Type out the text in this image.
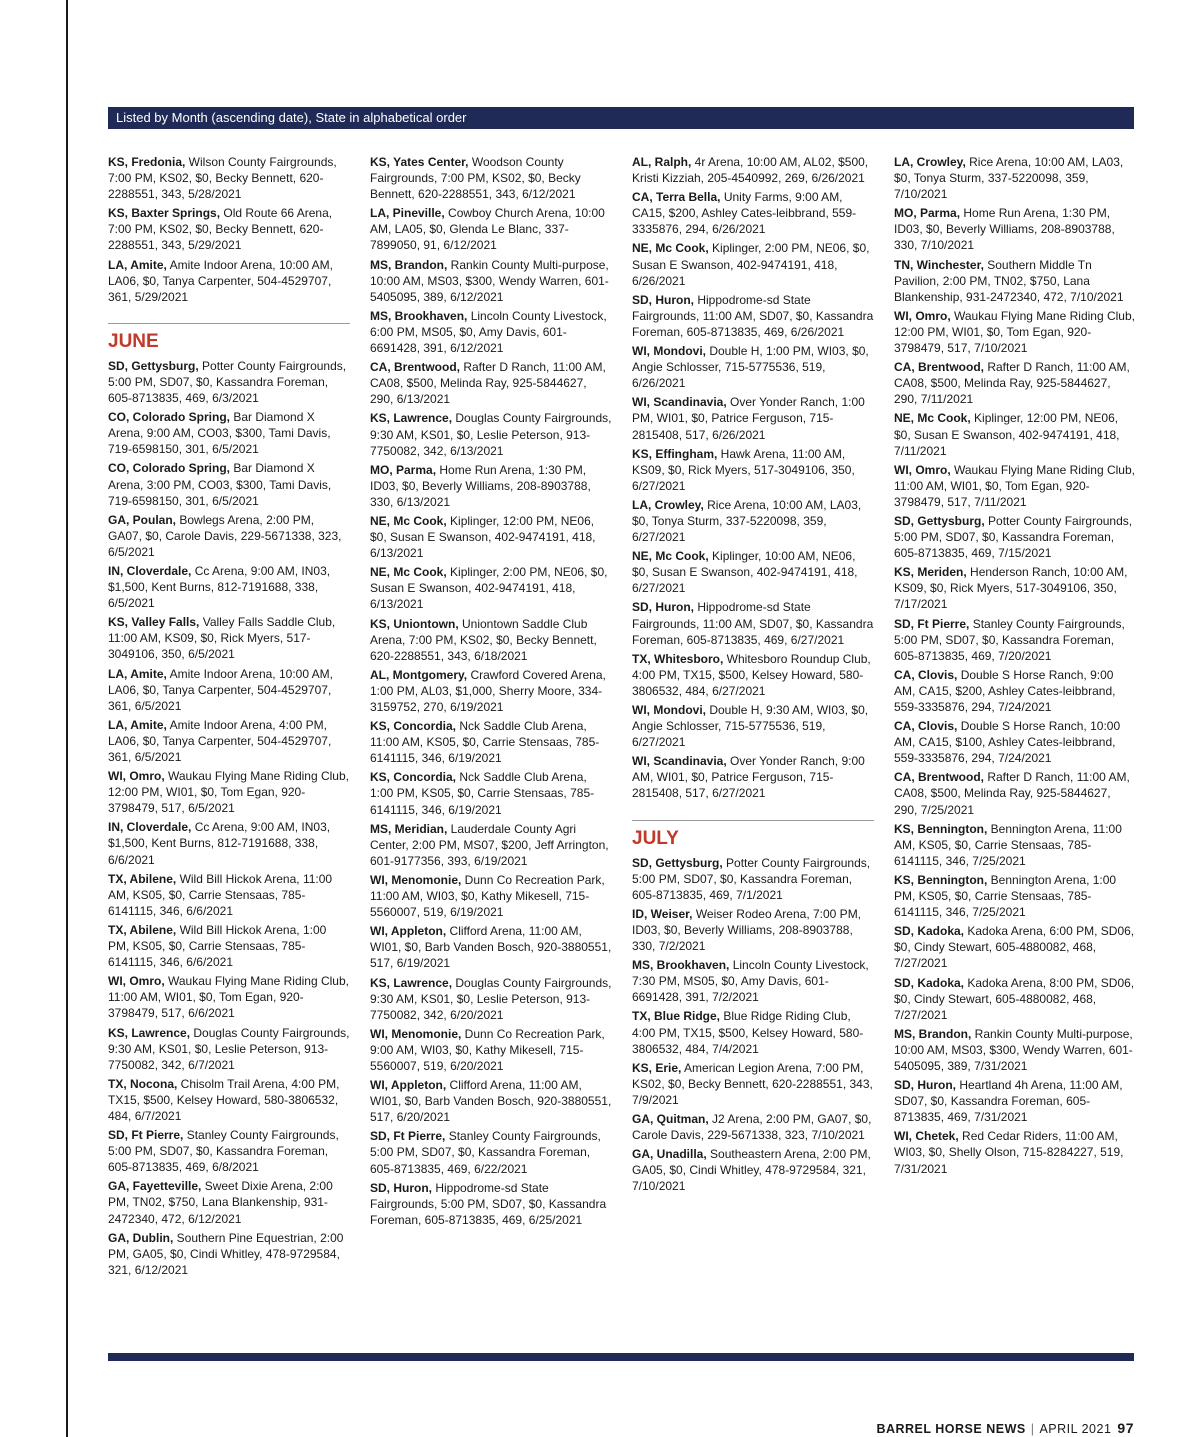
Listed by Month (ascending date), State in alphabetical order
KS, Fredonia, Wilson County Fairgrounds, 7:00 PM, KS02, $0, Becky Bennett, 620-2288551, 343, 5/28/2021
KS, Baxter Springs, Old Route 66 Arena, 7:00 PM, KS02, $0, Becky Bennett, 620-2288551, 343, 5/29/2021
LA, Amite, Amite Indoor Arena, 10:00 AM, LA06, $0, Tanya Carpenter, 504-4529707, 361, 5/29/2021
JUNE
SD, Gettysburg, Potter County Fairgrounds, 5:00 PM, SD07, $0, Kassandra Foreman, 605-8713835, 469, 6/3/2021
CO, Colorado Spring, Bar Diamond X Arena, 9:00 AM, CO03, $300, Tami Davis, 719-6598150, 301, 6/5/2021
CO, Colorado Spring, Bar Diamond X Arena, 3:00 PM, CO03, $300, Tami Davis, 719-6598150, 301, 6/5/2021
GA, Poulan, Bowlegs Arena, 2:00 PM, GA07, $0, Carole Davis, 229-5671338, 323, 6/5/2021
IN, Cloverdale, Cc Arena, 9:00 AM, IN03, $1,500, Kent Burns, 812-7191688, 338, 6/5/2021
KS, Valley Falls, Valley Falls Saddle Club, 11:00 AM, KS09, $0, Rick Myers, 517-3049106, 350, 6/5/2021
LA, Amite, Amite Indoor Arena, 10:00 AM, LA06, $0, Tanya Carpenter, 504-4529707, 361, 6/5/2021
LA, Amite, Amite Indoor Arena, 4:00 PM, LA06, $0, Tanya Carpenter, 504-4529707, 361, 6/5/2021
WI, Omro, Waukau Flying Mane Riding Club, 12:00 PM, WI01, $0, Tom Egan, 920-3798479, 517, 6/5/2021
IN, Cloverdale, Cc Arena, 9:00 AM, IN03, $1,500, Kent Burns, 812-7191688, 338, 6/6/2021
TX, Abilene, Wild Bill Hickok Arena, 11:00 AM, KS05, $0, Carrie Stensaas, 785-6141115, 346, 6/6/2021
TX, Abilene, Wild Bill Hickok Arena, 1:00 PM, KS05, $0, Carrie Stensaas, 785-6141115, 346, 6/6/2021
WI, Omro, Waukau Flying Mane Riding Club, 11:00 AM, WI01, $0, Tom Egan, 920-3798479, 517, 6/6/2021
KS, Lawrence, Douglas County Fairgrounds, 9:30 AM, KS01, $0, Leslie Peterson, 913-7750082, 342, 6/7/2021
TX, Nocona, Chisolm Trail Arena, 4:00 PM, TX15, $500, Kelsey Howard, 580-3806532, 484, 6/7/2021
SD, Ft Pierre, Stanley County Fairgrounds, 5:00 PM, SD07, $0, Kassandra Foreman, 605-8713835, 469, 6/8/2021
GA, Fayetteville, Sweet Dixie Arena, 2:00 PM, TN02, $750, Lana Blankenship, 931-2472340, 472, 6/12/2021
GA, Dublin, Southern Pine Equestrian, 2:00 PM, GA05, $0, Cindi Whitley, 478-9729584, 321, 6/12/2021
KS, Yates Center, Woodson County Fairgrounds, 7:00 PM, KS02, $0, Becky Bennett, 620-2288551, 343, 6/12/2021
LA, Pineville, Cowboy Church Arena, 10:00 AM, LA05, $0, Glenda Le Blanc, 337-7899050, 91, 6/12/2021
MS, Brandon, Rankin County Multi-purpose, 10:00 AM, MS03, $300, Wendy Warren, 601-5405095, 389, 6/12/2021
MS, Brookhaven, Lincoln County Livestock, 6:00 PM, MS05, $0, Amy Davis, 601-6691428, 391, 6/12/2021
CA, Brentwood, Rafter D Ranch, 11:00 AM, CA08, $500, Melinda Ray, 925-5844627, 290, 6/13/2021
KS, Lawrence, Douglas County Fairgrounds, 9:30 AM, KS01, $0, Leslie Peterson, 913-7750082, 342, 6/13/2021
MO, Parma, Home Run Arena, 1:30 PM, ID03, $0, Beverly Williams, 208-8903788, 330, 6/13/2021
NE, Mc Cook, Kiplinger, 12:00 PM, NE06, $0, Susan E Swanson, 402-9474191, 418, 6/13/2021
NE, Mc Cook, Kiplinger, 2:00 PM, NE06, $0, Susan E Swanson, 402-9474191, 418, 6/13/2021
KS, Uniontown, Uniontown Saddle Club Arena, 7:00 PM, KS02, $0, Becky Bennett, 620-2288551, 343, 6/18/2021
AL, Montgomery, Crawford Covered Arena, 1:00 PM, AL03, $1,000, Sherry Moore, 334-3159752, 270, 6/19/2021
KS, Concordia, Nck Saddle Club Arena, 11:00 AM, KS05, $0, Carrie Stensaas, 785-6141115, 346, 6/19/2021
KS, Concordia, Nck Saddle Club Arena, 1:00 PM, KS05, $0, Carrie Stensaas, 785-6141115, 346, 6/19/2021
MS, Meridian, Lauderdale County Agri Center, 2:00 PM, MS07, $200, Jeff Arrington, 601-9177356, 393, 6/19/2021
WI, Menomonie, Dunn Co Recreation Park, 11:00 AM, WI03, $0, Kathy Mikesell, 715-5560007, 519, 6/19/2021
WI, Appleton, Clifford Arena, 11:00 AM, WI01, $0, Barb Vanden Bosch, 920-3880551, 517, 6/19/2021
KS, Lawrence, Douglas County Fairgrounds, 9:30 AM, KS01, $0, Leslie Peterson, 913-7750082, 342, 6/20/2021
WI, Menomonie, Dunn Co Recreation Park, 9:00 AM, WI03, $0, Kathy Mikesell, 715-5560007, 519, 6/20/2021
WI, Appleton, Clifford Arena, 11:00 AM, WI01, $0, Barb Vanden Bosch, 920-3880551, 517, 6/20/2021
SD, Ft Pierre, Stanley County Fairgrounds, 5:00 PM, SD07, $0, Kassandra Foreman, 605-8713835, 469, 6/22/2021
SD, Huron, Hippodrome-sd State Fairgrounds, 5:00 PM, SD07, $0, Kassandra Foreman, 605-8713835, 469, 6/25/2021
AL, Ralph, 4r Arena, 10:00 AM, AL02, $500, Kristi Kizziah, 205-4540992, 269, 6/26/2021
CA, Terra Bella, Unity Farms, 9:00 AM, CA15, $200, Ashley Cates-leibbrand, 559-3335876, 294, 6/26/2021
NE, Mc Cook, Kiplinger, 2:00 PM, NE06, $0, Susan E Swanson, 402-9474191, 418, 6/26/2021
SD, Huron, Hippodrome-sd State Fairgrounds, 11:00 AM, SD07, $0, Kassandra Foreman, 605-8713835, 469, 6/26/2021
WI, Mondovi, Double H, 1:00 PM, WI03, $0, Angie Schlosser, 715-5775536, 519, 6/26/2021
WI, Scandinavia, Over Yonder Ranch, 1:00 PM, WI01, $0, Patrice Ferguson, 715-2815408, 517, 6/26/2021
KS, Effingham, Hawk Arena, 11:00 AM, KS09, $0, Rick Myers, 517-3049106, 350, 6/27/2021
LA, Crowley, Rice Arena, 10:00 AM, LA03, $0, Tonya Sturm, 337-5220098, 359, 6/27/2021
NE, Mc Cook, Kiplinger, 10:00 AM, NE06, $0, Susan E Swanson, 402-9474191, 418, 6/27/2021
SD, Huron, Hippodrome-sd State Fairgrounds, 11:00 AM, SD07, $0, Kassandra Foreman, 605-8713835, 469, 6/27/2021
TX, Whitesboro, Whitesboro Roundup Club, 4:00 PM, TX15, $500, Kelsey Howard, 580-3806532, 484, 6/27/2021
WI, Mondovi, Double H, 9:30 AM, WI03, $0, Angie Schlosser, 715-5775536, 519, 6/27/2021
WI, Scandinavia, Over Yonder Ranch, 9:00 AM, WI01, $0, Patrice Ferguson, 715-2815408, 517, 6/27/2021
JULY
SD, Gettysburg, Potter County Fairgrounds, 5:00 PM, SD07, $0, Kassandra Foreman, 605-8713835, 469, 7/1/2021
ID, Weiser, Weiser Rodeo Arena, 7:00 PM, ID03, $0, Beverly Williams, 208-8903788, 330, 7/2/2021
MS, Brookhaven, Lincoln County Livestock, 7:30 PM, MS05, $0, Amy Davis, 601-6691428, 391, 7/2/2021
TX, Blue Ridge, Blue Ridge Riding Club, 4:00 PM, TX15, $500, Kelsey Howard, 580-3806532, 484, 7/4/2021
KS, Erie, American Legion Arena, 7:00 PM, KS02, $0, Becky Bennett, 620-2288551, 343, 7/9/2021
GA, Quitman, J2 Arena, 2:00 PM, GA07, $0, Carole Davis, 229-5671338, 323, 7/10/2021
GA, Unadilla, Southeastern Arena, 2:00 PM, GA05, $0, Cindi Whitley, 478-9729584, 321, 7/10/2021
LA, Crowley, Rice Arena, 10:00 AM, LA03, $0, Tonya Sturm, 337-5220098, 359, 7/10/2021
MO, Parma, Home Run Arena, 1:30 PM, ID03, $0, Beverly Williams, 208-8903788, 330, 7/10/2021
TN, Winchester, Southern Middle Tn Pavilion, 2:00 PM, TN02, $750, Lana Blankenship, 931-2472340, 472, 7/10/2021
WI, Omro, Waukau Flying Mane Riding Club, 12:00 PM, WI01, $0, Tom Egan, 920-3798479, 517, 7/10/2021
CA, Brentwood, Rafter D Ranch, 11:00 AM, CA08, $500, Melinda Ray, 925-5844627, 290, 7/11/2021
NE, Mc Cook, Kiplinger, 12:00 PM, NE06, $0, Susan E Swanson, 402-9474191, 418, 7/11/2021
WI, Omro, Waukau Flying Mane Riding Club, 11:00 AM, WI01, $0, Tom Egan, 920-3798479, 517, 7/11/2021
SD, Gettysburg, Potter County Fairgrounds, 5:00 PM, SD07, $0, Kassandra Foreman, 605-8713835, 469, 7/15/2021
KS, Meriden, Henderson Ranch, 10:00 AM, KS09, $0, Rick Myers, 517-3049106, 350, 7/17/2021
SD, Ft Pierre, Stanley County Fairgrounds, 5:00 PM, SD07, $0, Kassandra Foreman, 605-8713835, 469, 7/20/2021
CA, Clovis, Double S Horse Ranch, 9:00 AM, CA15, $200, Ashley Cates-leibbrand, 559-3335876, 294, 7/24/2021
CA, Clovis, Double S Horse Ranch, 10:00 AM, CA15, $100, Ashley Cates-leibbrand, 559-3335876, 294, 7/24/2021
CA, Brentwood, Rafter D Ranch, 11:00 AM, CA08, $500, Melinda Ray, 925-5844627, 290, 7/25/2021
KS, Bennington, Bennington Arena, 11:00 AM, KS05, $0, Carrie Stensaas, 785-6141115, 346, 7/25/2021
KS, Bennington, Bennington Arena, 1:00 PM, KS05, $0, Carrie Stensaas, 785-6141115, 346, 7/25/2021
SD, Kadoka, Kadoka Arena, 6:00 PM, SD06, $0, Cindy Stewart, 605-4880082, 468, 7/27/2021
SD, Kadoka, Kadoka Arena, 8:00 PM, SD06, $0, Cindy Stewart, 605-4880082, 468, 7/27/2021
MS, Brandon, Rankin County Multi-purpose, 10:00 AM, MS03, $300, Wendy Warren, 601-5405095, 389, 7/31/2021
SD, Huron, Heartland 4h Arena, 11:00 AM, SD07, $0, Kassandra Foreman, 605-8713835, 469, 7/31/2021
WI, Chetek, Red Cedar Riders, 11:00 AM, WI03, $0, Shelly Olson, 715-8284227, 519, 7/31/2021
BARREL HORSE NEWS | APRIL 2021 97
